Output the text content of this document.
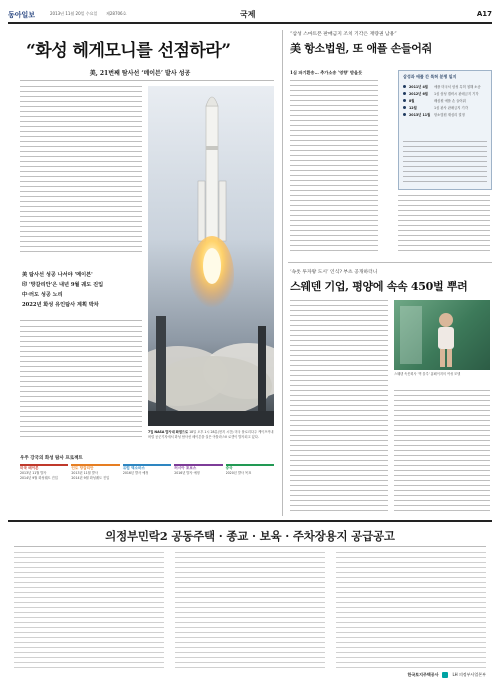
동아일보	2013년 11월 20일 수요일 제28706호	국제	A17
“화성 헤게모니를 선점하라”
美, 21번째 탐사선 ‘메이븐’ 발사 성공
美 탐사선 성공 나서야 '메이븐'
印 '망갈리안'은 내년 9월 궤도 진입
中·러도 성공 노리
2022년 화성 유인탐사 계획 박차
7일 NASA 발사대 화염으로 18일 오후 1시 28분(현지 시간) 미국 플로리다주 케이프커내버럴 공군기지에서 화성 탐사선 메이븐을 실은 아틀라스V 로켓이 발사되고 있다.
우주 강국의 화성 탐사 프로젝트
미국 메이븐
2013년 11월 발사
2014년 9월 화성궤도 진입
인도 망갈리안
2013년 11월 발사
2014년 9월 화성궤도 진입
유럽 엑소마스
2016년 발사 예정
러시아 포보스
2016년 발사 예정
중국
2020년 발사 목표
“삼성 스마트폰 판매금지 조치 기각은 재량권 남용”
美 항소법원, 또 애플 손들어줘
1심 파기환송… 추가소송 '영향' 받을듯
삼성과 애플 간 특허 분쟁 일지
2011년 4월	애플 미국서 삼성 특허 침해 소송
2012년 6월	1심 삼성 갤럭시 판매금지 기각
8월	배심원 애플 손 들어줘
12월	1심 판사 판매금지 기각
2013년 11월 항소법원 재심리 결정
‘속옷 투자왕 도시’ 인식? 부츠 공개하더니
스웨덴 기업, 평양에 속속 450벌 뿌려
스웨덴 속옷회사 '빅 블루' 홈페이지의 여성 모델
의정부민락2 공동주택 · 종교 · 보육 · 주차장용지 공급공고
한국토지주택공사	LH 의정부사업본부
